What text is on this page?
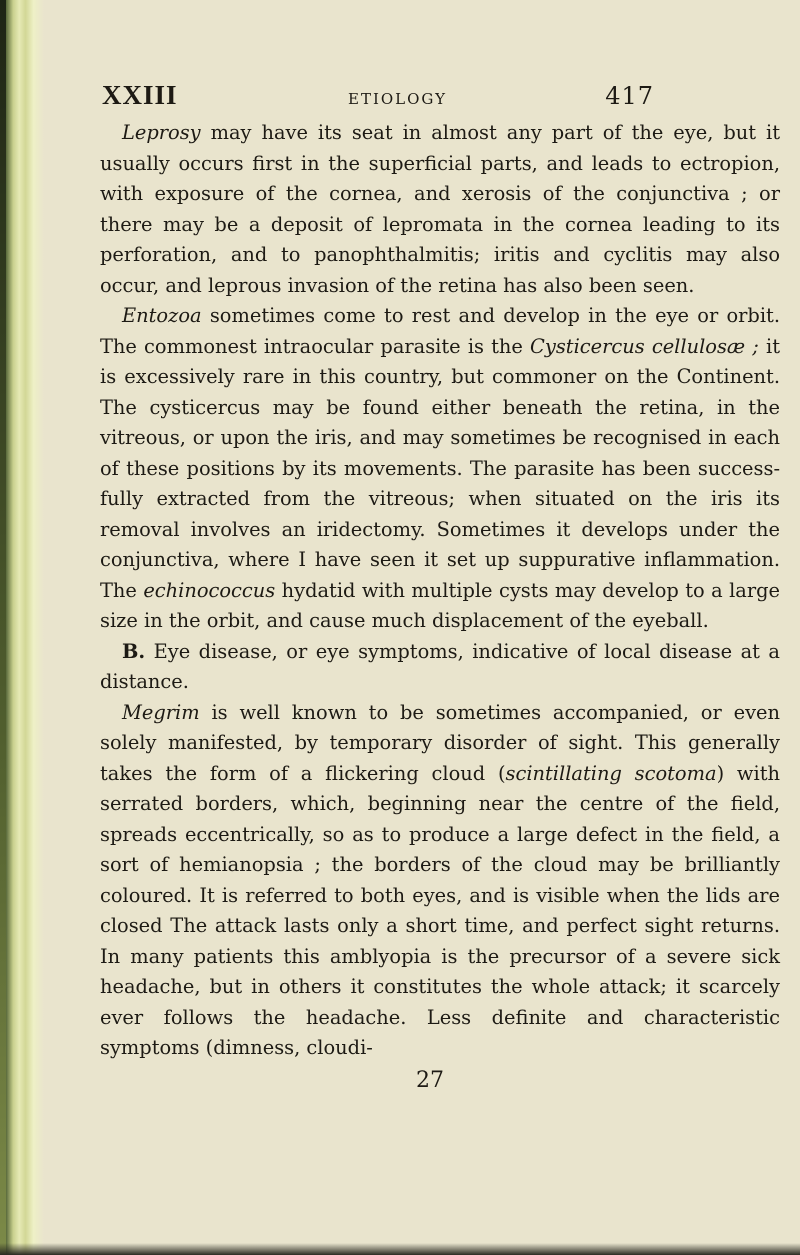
XXIII	ETIOLOGY	417

Leprosy may have its seat in almost any part of the eye, but it usually occurs first in the superficial parts, and leads to ectropion, with exposure of the cornea, and xerosis of the conjunctiva ; or there may be a deposit of lepromata in the cornea leading to its perforation, and to panophthalmitis; iritis and cyclitis may also occur, and leprous invasion of the retina has also been seen.

Entozoa sometimes come to rest and develop in the eye or orbit. The commonest intraocular parasite is the Cysticercus cellulosæ ; it is excessively rare in this country, but commoner on the Continent. The cysticercus may be found either beneath the retina, in the vitreous, or upon the iris, and may sometimes be recognised in each of these positions by its movements. The parasite has been successfully extracted from the vitreous; when situated on the iris its removal involves an iridectomy. Sometimes it develops under the conjunctiva, where I have seen it set up suppurative inflammation. The echinococcus hydatid with multiple cysts may develop to a large size in the orbit, and cause much displacement of the eyeball.

B. Eye disease, or eye symptoms, indicative of local disease at a distance.

Megrim is well known to be sometimes accompanied, or even solely manifested, by temporary disorder of sight. This generally takes the form of a flickering cloud (scintillating scotoma) with serrated borders, which, beginning near the centre of the field, spreads eccentrically, so as to produce a large defect in the field, a sort of hemianopsia ; the borders of the cloud may be brilliantly coloured. It is referred to both eyes, and is visible when the lids are closed The attack lasts only a short time, and perfect sight returns. In many patients this amblyopia is the precursor of a severe sick headache, but in others it constitutes the whole attack; it scarcely ever follows the headache. Less definite and characteristic symptoms (dimness, cloudi-

27
